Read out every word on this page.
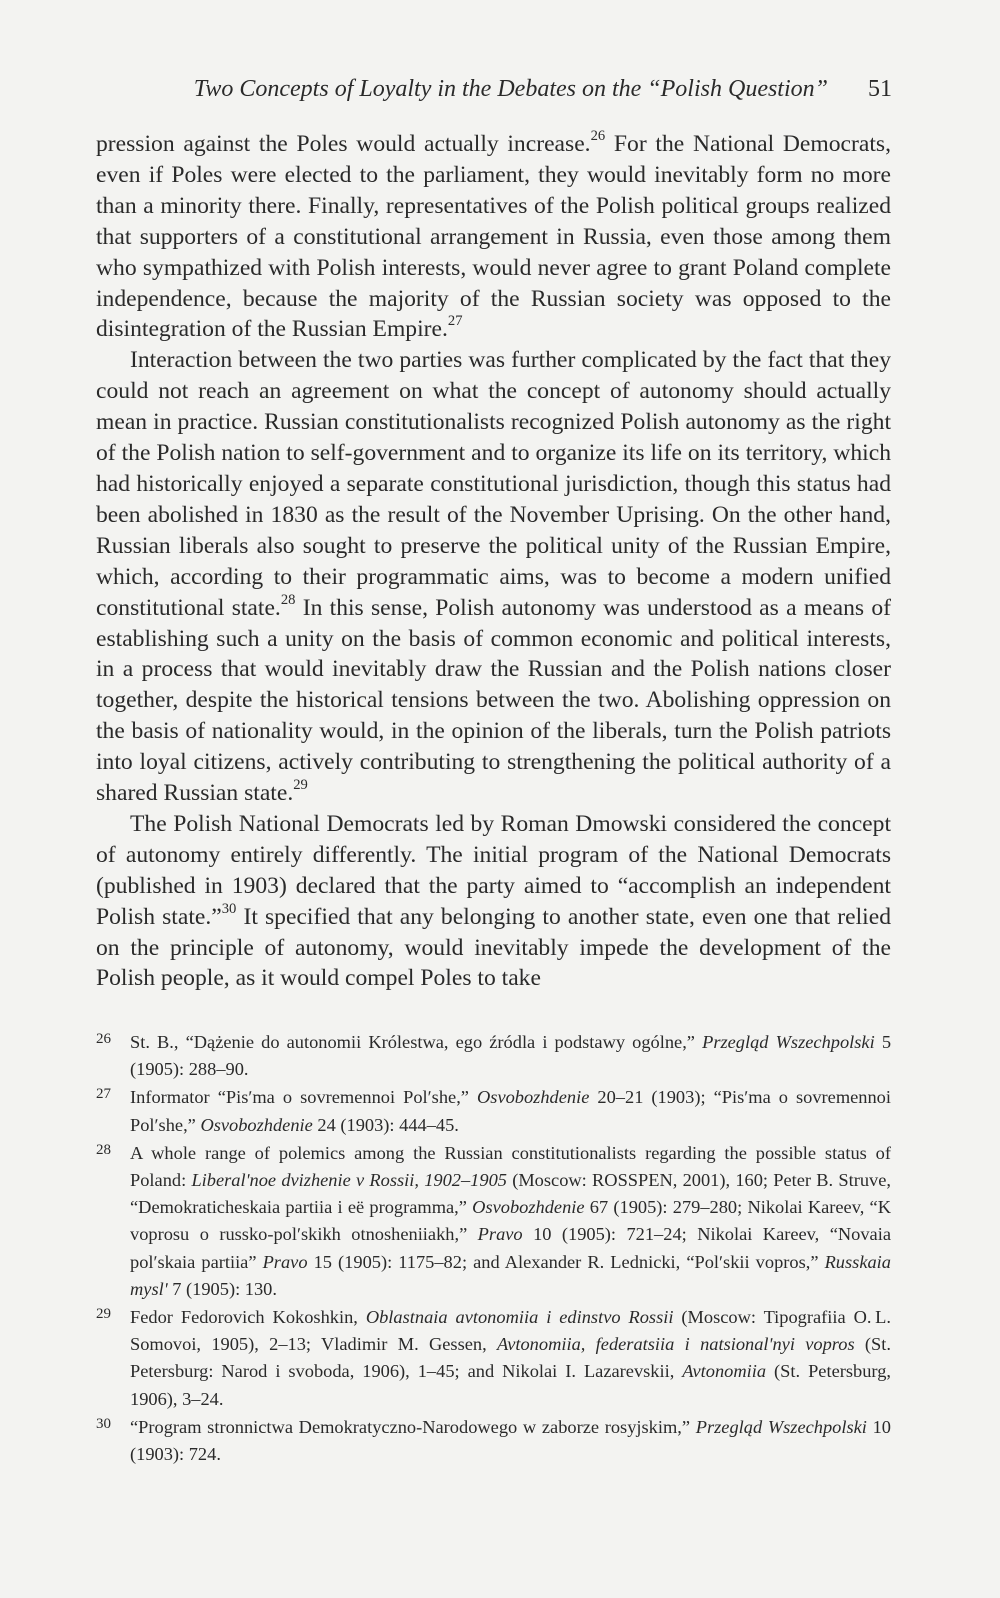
Two Concepts of Loyalty in the Debates on the “Polish Question” 51

pression against the Poles would actually increase.$^{26}$ For the National Democrats, even if Poles were elected to the parliament, they would inevitably form no more than a minority there. Finally, representatives of the Polish political groups realized that supporters of a constitutional arrangement in Russia, even those among them who sympathized with Polish interests, would never agree to grant Poland complete independence, because the majority of the Russian society was opposed to the disintegration of the Russian Empire.$^{27}$

Interaction between the two parties was further complicated by the fact that they could not reach an agreement on what the concept of autonomy should actually mean in practice. Russian constitutionalists recognized Polish autonomy as the right of the Polish nation to self-government and to organize its life on its territory, which had historically enjoyed a separate constitutional jurisdiction, though this status had been abolished in 1830 as the result of the November Uprising. On the other hand, Russian liberals also sought to preserve the political unity of the Russian Empire, which, according to their programmatic aims, was to become a modern unified constitutional state.$^{28}$ In this sense, Polish autonomy was understood as a means of establishing such a unity on the basis of common economic and political interests, in a process that would inevitably draw the Russian and the Polish nations closer together, despite the historical tensions between the two. Abolishing oppression on the basis of nationality would, in the opinion of the liberals, turn the Polish patriots into loyal citizens, actively contributing to strengthening the political authority of a shared Russian state.$^{29}$

The Polish National Democrats led by Roman Dmowski considered the concept of autonomy entirely differently. The initial program of the National Democrats (published in 1903) declared that the party aimed to “accomplish an independent Polish state.”$^{30}$ It specified that any belonging to another state, even one that relied on the principle of autonomy, would inevitably impede the development of the Polish people, as it would compel Poles to take

26 St. B., “Dążenie do autonomii Królestwa, ego źródla i podstawy ogólne,” Przegląd Wszechpolski 5 (1905): 288–90.

27 Informator “Pisʹma o sovremennoi Polʹshe,” Osvobozhdenie 20–21 (1903); “Pisʹma o sovremennoi Polʹshe,” Osvobozhdenie 24 (1903): 444–45.

28 A whole range of polemics among the Russian constitutionalists regarding the possible status of Poland: Liberalʹnoe dvizhenie v Rossii, 1902–1905 (Moscow: ROSSPEN, 2001), 160; Peter B. Struve, “Demokraticheskaia partiia i eë programma,” Osvobozhdenie 67 (1905): 279–280; Nikolai Kareev, “K voprosu o russko-polʹskikh otnosheniiakh,” Pravo 10 (1905): 721–24; Nikolai Kareev, “Novaia polʹskaia partiia” Pravo 15 (1905): 1175–82; and Alexander R. Lednicki, “Polʹskii vopros,” Russkaia myslʹ 7 (1905): 130.

29 Fedor Fedorovich Kokoshkin, Oblastnaia avtonomiia i edinstvo Rossii (Moscow: Tipografiia O. L. Somovoi, 1905), 2–13; Vladimir M. Gessen, Avtonomiia, federatsiia i natsionalʹnyi vopros (St. Petersburg: Narod i svoboda, 1906), 1–45; and Nikolai I. Lazarevskii, Avtonomiia (St. Petersburg, 1906), 3–24.

30 “Program stronnictwa Demokratyczno-Narodowego w zaborze rosyjskim,” Przegląd Wszechpolski 10 (1903): 724.
